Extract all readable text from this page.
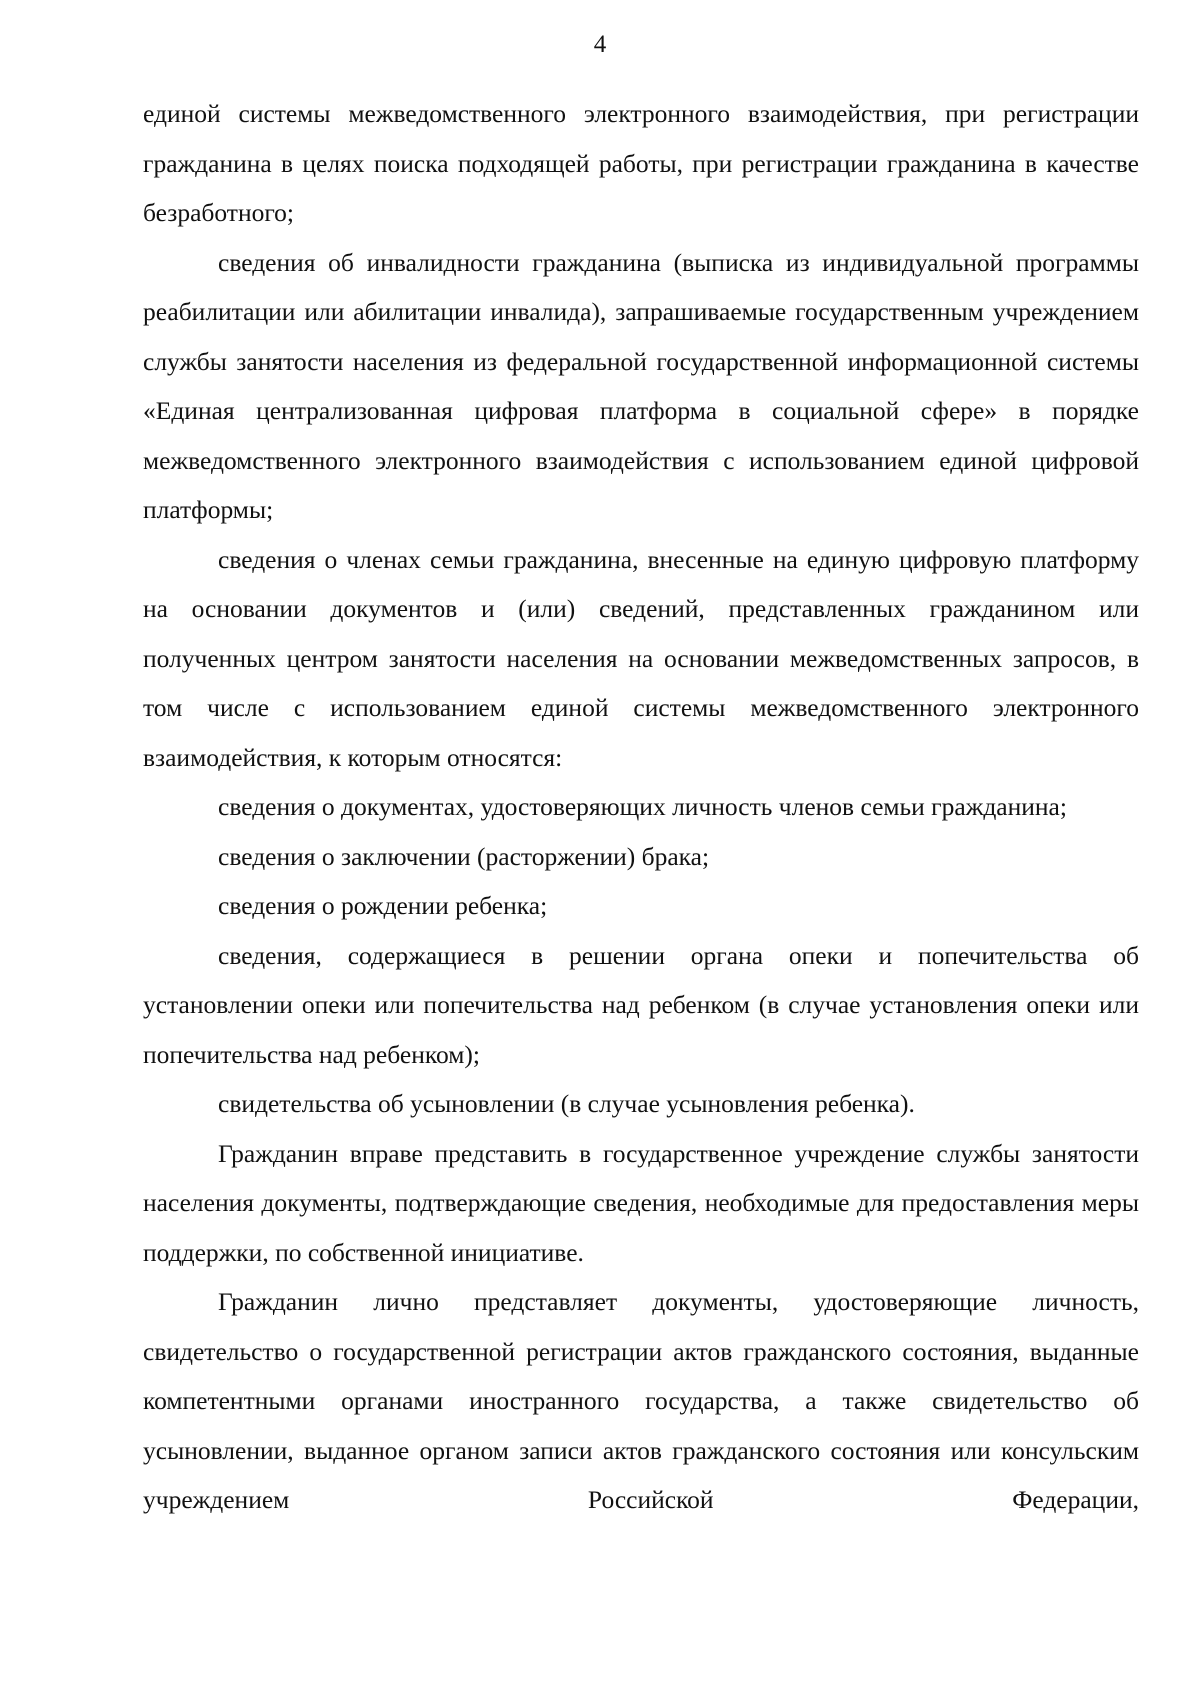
4

единой системы межведомственного электронного взаимодействия, при регистрации гражданина в целях поиска подходящей работы, при регистрации гражданина в качестве безработного;

сведения об инвалидности гражданина (выписка из индивидуальной программы реабилитации или абилитации инвалида), запрашиваемые государственным учреждением службы занятости населения из федеральной государственной информационной системы «Единая централизованная цифровая платформа в социальной сфере» в порядке межведомственного электронного взаимодействия с использованием единой цифровой платформы;

сведения о членах семьи гражданина, внесенные на единую цифровую платформу на основании документов и (или) сведений, представленных гражданином или полученных центром занятости населения на основании межведомственных запросов, в том числе с использованием единой системы межведомственного электронного взаимодействия, к которым относятся:

сведения о документах, удостоверяющих личность членов семьи гражданина;

сведения о заключении (расторжении) брака;

сведения о рождении ребенка;

сведения, содержащиеся в решении органа опеки и попечительства об установлении опеки или попечительства над ребенком (в случае установления опеки или попечительства над ребенком);

свидетельства об усыновлении (в случае усыновления ребенка).

Гражданин вправе представить в государственное учреждение службы занятости населения документы, подтверждающие сведения, необходимые для предоставления меры поддержки, по собственной инициативе.

Гражданин лично представляет документы, удостоверяющие личность, свидетельство о государственной регистрации актов гражданского состояния, выданные компетентными органами иностранного государства, а также свидетельство об усыновлении, выданное органом записи актов гражданского состояния или консульским учреждением Российской Федерации,
